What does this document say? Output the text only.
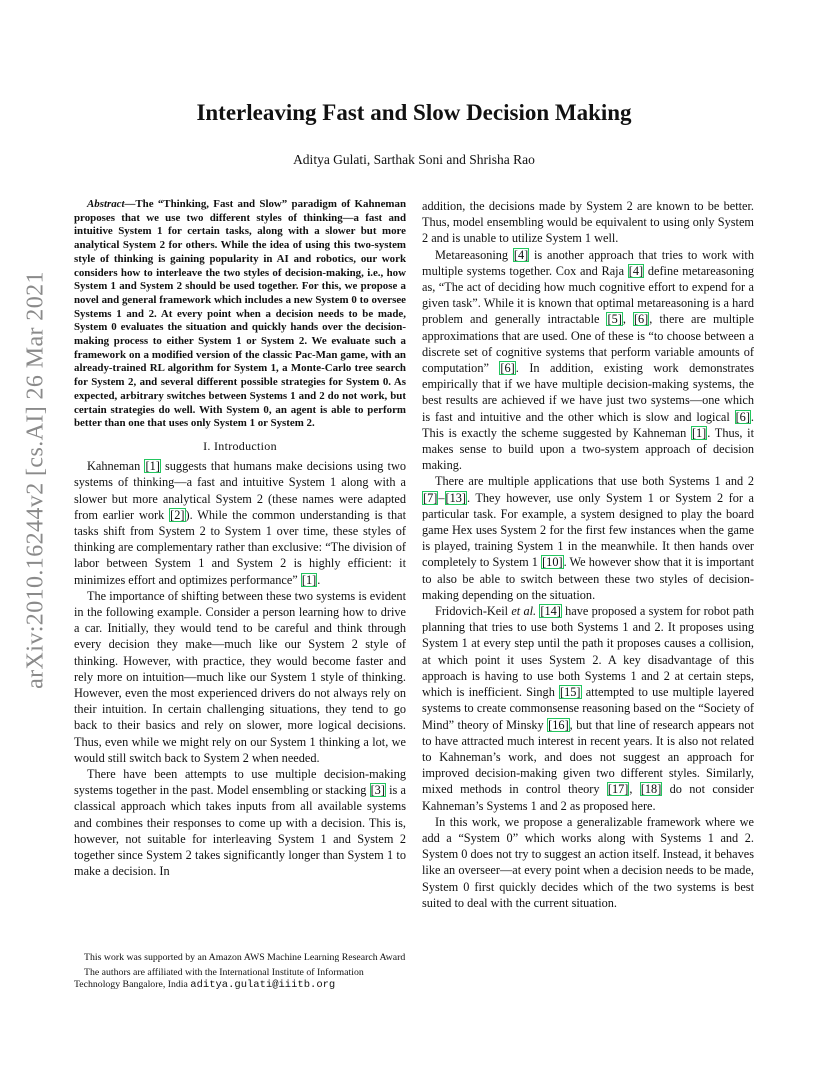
Interleaving Fast and Slow Decision Making
Aditya Gulati, Sarthak Soni and Shrisha Rao
arXiv:2010.16244v2 [cs.AI] 26 Mar 2021

Abstract—The “Thinking, Fast and Slow” paradigm of Kahneman proposes that we use two different styles of thinking—a fast and intuitive System 1 for certain tasks, along with a slower but more analytical System 2 for others. While the idea of using this two-system style of thinking is gaining popularity in AI and robotics, our work considers how to interleave the two styles of decision-making, i.e., how System 1 and System 2 should be used together. For this, we propose a novel and general framework which includes a new System 0 to oversee Systems 1 and 2. At every point when a decision needs to be made, System 0 evaluates the situation and quickly hands over the decision-making process to either System 1 or System 2. We evaluate such a framework on a modified version of the classic Pac-Man game, with an already-trained RL algorithm for System 1, a Monte-Carlo tree search for System 2, and several different possible strategies for System 0. As expected, arbitrary switches between Systems 1 and 2 do not work, but certain strategies do well. With System 0, an agent is able to perform better than one that uses only System 1 or System 2.

I. Introduction

Kahneman [1] suggests that humans make decisions using two systems of thinking—a fast and intuitive System 1 along with a slower but more analytical System 2 (these names were adapted from earlier work [2]). While the common understanding is that tasks shift from System 2 to System 1 over time, these styles of thinking are complementary rather than exclusive: “The division of labor between System 1 and System 2 is highly efficient: it minimizes effort and optimizes performance” [1].

The importance of shifting between these two systems is evident in the following example. Consider a person learning how to drive a car. Initially, they would tend to be careful and think through every decision they make—much like our System 2 style of thinking. However, with practice, they would become faster and rely more on intuition—much like our System 1 style of thinking. However, even the most experienced drivers do not always rely on their intuition. In certain challenging situations, they tend to go back to their basics and rely on slower, more logical decisions. Thus, even while we might rely on our System 1 thinking a lot, we would still switch back to System 2 when needed.

There have been attempts to use multiple decision-making systems together in the past. Model ensembling or stacking [3] is a classical approach which takes inputs from all available systems and combines their responses to come up with a decision. This is, however, not suitable for interleaving System 1 and System 2 together since System 2 takes significantly longer than System 1 to make a decision. In

This work was supported by an Amazon AWS Machine Learning Research Award

The authors are affiliated with the International Institute of Information Technology Bangalore, India aditya.gulati@iiitb.org

addition, the decisions made by System 2 are known to be better. Thus, model ensembling would be equivalent to using only System 2 and is unable to utilize System 1 well.

Metareasoning [4] is another approach that tries to work with multiple systems together. Cox and Raja [4] define metareasoning as, “The act of deciding how much cognitive effort to expend for a given task”. While it is known that optimal metareasoning is a hard problem and generally intractable [5], [6], there are multiple approximations that are used. One of these is “to choose between a discrete set of cognitive systems that perform variable amounts of computation” [6]. In addition, existing work demonstrates empirically that if we have multiple decision-making systems, the best results are achieved if we have just two systems—one which is fast and intuitive and the other which is slow and logical [6]. This is exactly the scheme suggested by Kahneman [1]. Thus, it makes sense to build upon a two-system approach of decision making.

There are multiple applications that use both Systems 1 and 2 [7]–[13]. They however, use only System 1 or System 2 for a particular task. For example, a system designed to play the board game Hex uses System 2 for the first few instances when the game is played, training System 1 in the meanwhile. It then hands over completely to System 1 [10]. We however show that it is important to also be able to switch between these two styles of decision-making depending on the situation.

Fridovich-Keil et al. [14] have proposed a system for robot path planning that tries to use both Systems 1 and 2. It proposes using System 1 at every step until the path it proposes causes a collision, at which point it uses System 2. A key disadvantage of this approach is having to use both Systems 1 and 2 at certain steps, which is inefficient. Singh [15] attempted to use multiple layered systems to create commonsense reasoning based on the “Society of Mind” theory of Minsky [16], but that line of research appears not to have attracted much interest in recent years. It is also not related to Kahneman’s work, and does not suggest an approach for improved decision-making given two different styles. Similarly, mixed methods in control theory [17], [18] do not consider Kahneman’s Systems 1 and 2 as proposed here.

In this work, we propose a generalizable framework where we add a “System 0” which works along with Systems 1 and 2. System 0 does not try to suggest an action itself. Instead, it behaves like an overseer—at every point when a decision needs to be made, System 0 first quickly decides which of the two systems is best suited to deal with the current situation.
